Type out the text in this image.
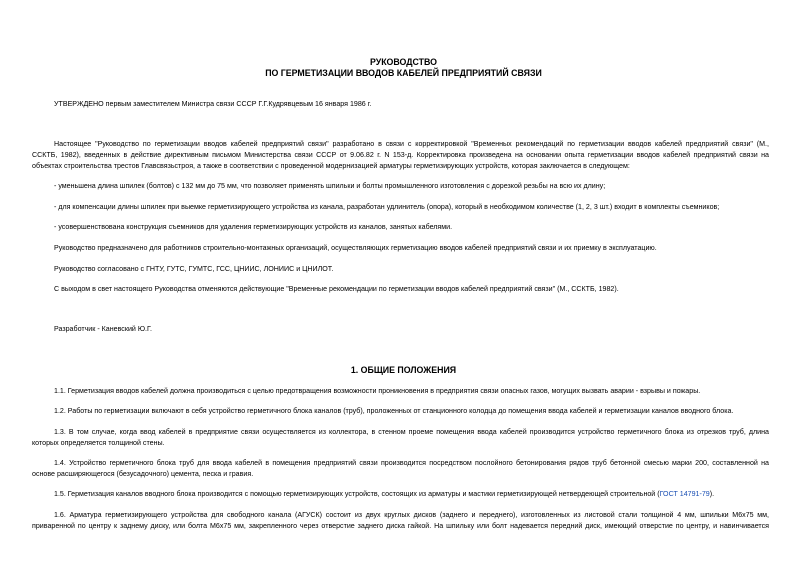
РУКОВОДСТВО
ПО ГЕРМЕТИЗАЦИИ ВВОДОВ КАБЕЛЕЙ ПРЕДПРИЯТИЙ СВЯЗИ
УТВЕРЖДЕНО первым заместителем Министра связи СССР Г.Г.Кудрявцевым 16 января 1986 г.
Настоящее "Руководство по герметизации вводов кабелей предприятий связи" разработано в связи с корректировкой "Временных рекомендаций по герметизации вводов кабелей предприятий связи" (М.,
ССКТБ, 1982), введенных в действие директивным письмом Министерства связи СССР от 9.06.82 г. N 153-д. Корректировка произведена на основании опыта герметизации вводов кабелей предприятий связи на
объектах строительства трестов Главсвязьстроя, а также в соответствии с проведенной модернизацией арматуры герметизирующих устройств, которая заключается в следующем:
- уменьшена длина шпилек (болтов) с 132 мм до 75 мм, что позволяет применять шпильки и болты промышленного изготовления с дорезкой резьбы на всю их длину;
- для компенсации длины шпилек при выемке герметизирующего устройства из канала, разработан удлинитель (опора), который в необходимом количестве (1, 2, 3 шт.) входит в комплекты съемников;
- усовершенствована конструкция съемников для удаления герметизирующих устройств из каналов, занятых кабелями.
Руководство предназначено для работников строительно-монтажных организаций, осуществляющих герметизацию вводов кабелей предприятий связи и их приемку в эксплуатацию.
Руководство согласовано с ГНТУ, ГУТС, ГУМТС, ГСС, ЦНИИС, ЛОНИИС и ЦНИЛОТ.
С выходом в свет настоящего Руководства отменяются действующие "Временные рекомендации по герметизации вводов кабелей предприятий связи" (М., ССКТБ, 1982).
Разработчик - Каневский Ю.Г.
1. ОБЩИЕ ПОЛОЖЕНИЯ
1.1. Герметизация вводов кабелей должна производиться с целью предотвращения возможности проникновения в предприятия связи опасных газов, могущих вызвать аварии - взрывы и пожары.
1.2. Работы по герметизации включают в себя устройство герметичного блока каналов (труб), проложенных от станционного колодца до помещения ввода кабелей и герметизации каналов вводного блока.
1.3. В том случае, когда ввод кабелей в предприятие связи осуществляется из коллектора, в стенном проеме помещения ввода кабелей производится устройство герметичного блока из отрезков труб, длина
которых определяется толщиной стены.
1.4. Устройство герметичного блока труб для ввода кабелей в помещения предприятий связи производится посредством послойного бетонирования рядов труб бетонной смесью марки 200, составленной на
основе расширяющегося (безусадочного) цемента, песка и гравия.
1.5. Герметизация каналов вводного блока производится с помощью герметизирующих устройств, состоящих из арматуры и мастики герметизирующей нетвердеющей строительной (ГОСТ 14791-79).
1.6. Арматура герметизирующего устройства для свободного канала (АГУСК) состоит из двух круглых дисков (заднего и переднего), изготовленных из листовой стали толщиной 4 мм, шпильки М6х75 мм,
приваренной по центру к заднему диску, или болта М6х75 мм, закрепленного через отверстие заднего диска гайкой. На шпильку или болт надевается передний диск, имеющий отверстие по центру, и навинчивается
